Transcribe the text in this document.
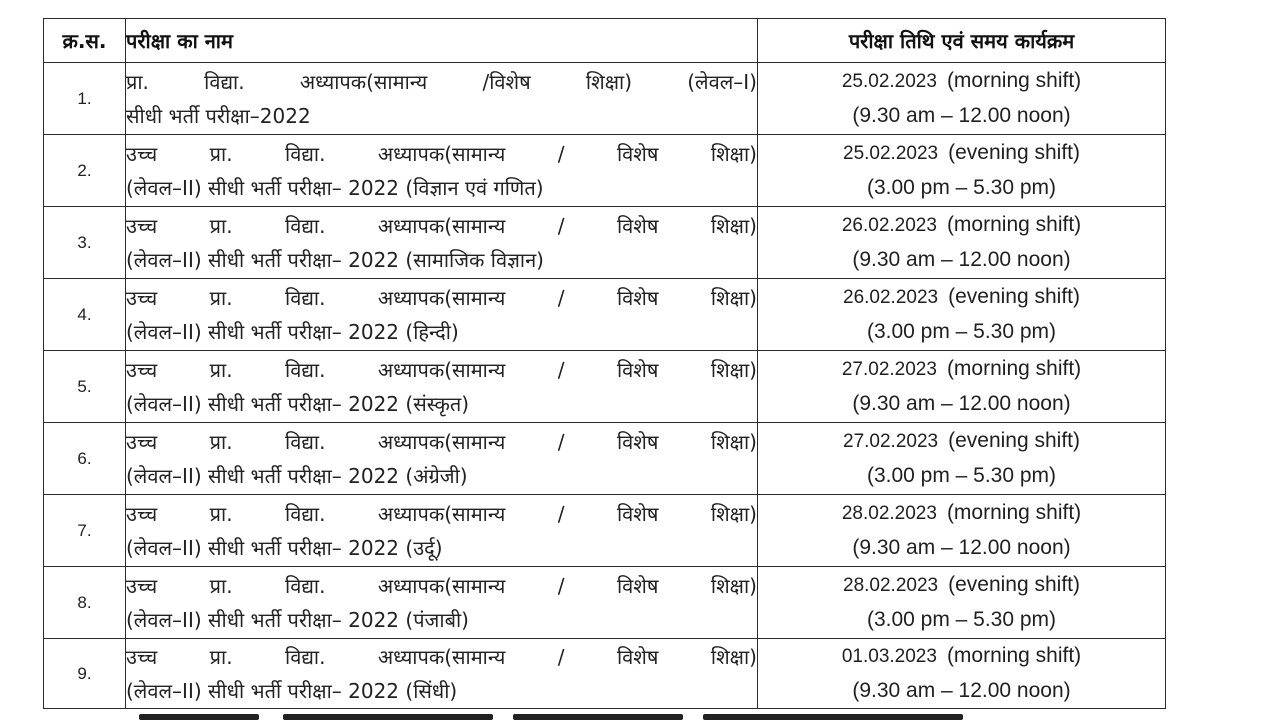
क्र.स.	परीक्षा का नाम	परीक्षा तिथि एवं समय कार्यक्रम
1.	प्रा. विद्या. अध्यापक(सामान्य /विशेष शिक्षा) (लेवल–I)
सीधी भर्ती परीक्षा–2022	25.02.2023 (morning shift)
(9.30 am – 12.00 noon)

2.	उच्च प्रा. विद्या. अध्यापक(सामान्य / विशेष शिक्षा)
(लेवल–II) सीधी भर्ती परीक्षा– 2022 (विज्ञान एवं गणित)	25.02.2023 (evening shift)
(3.00 pm – 5.30 pm)

3.	उच्च प्रा. विद्या. अध्यापक(सामान्य / विशेष शिक्षा)
(लेवल–II) सीधी भर्ती परीक्षा– 2022 (सामाजिक विज्ञान)	26.02.2023 (morning shift)
(9.30 am – 12.00 noon)

4.	उच्च प्रा. विद्या. अध्यापक(सामान्य / विशेष शिक्षा)
(लेवल–II) सीधी भर्ती परीक्षा– 2022 (हिन्दी)	26.02.2023 (evening shift)
(3.00 pm – 5.30 pm)

5.	उच्च प्रा. विद्या. अध्यापक(सामान्य / विशेष शिक्षा)
(लेवल–II) सीधी भर्ती परीक्षा– 2022 (संस्कृत)	27.02.2023 (morning shift)
(9.30 am – 12.00 noon)

6.	उच्च प्रा. विद्या. अध्यापक(सामान्य / विशेष शिक्षा)
(लेवल–II) सीधी भर्ती परीक्षा– 2022 (अंग्रेजी)	27.02.2023 (evening shift)
(3.00 pm – 5.30 pm)

7.	उच्च प्रा. विद्या. अध्यापक(सामान्य / विशेष शिक्षा)
(लेवल–II) सीधी भर्ती परीक्षा– 2022 (उर्दू)	28.02.2023 (morning shift)
(9.30 am – 12.00 noon)

8.	उच्च प्रा. विद्या. अध्यापक(सामान्य / विशेष शिक्षा)
(लेवल–II) सीधी भर्ती परीक्षा– 2022 (पंजाबी)	28.02.2023 (evening shift)
(3.00 pm – 5.30 pm)

9.	उच्च प्रा. विद्या. अध्यापक(सामान्य / विशेष शिक्षा)
(लेवल–II) सीधी भर्ती परीक्षा– 2022 (सिंधी)	01.03.2023 (morning shift)
(9.30 am – 12.00 noon)
